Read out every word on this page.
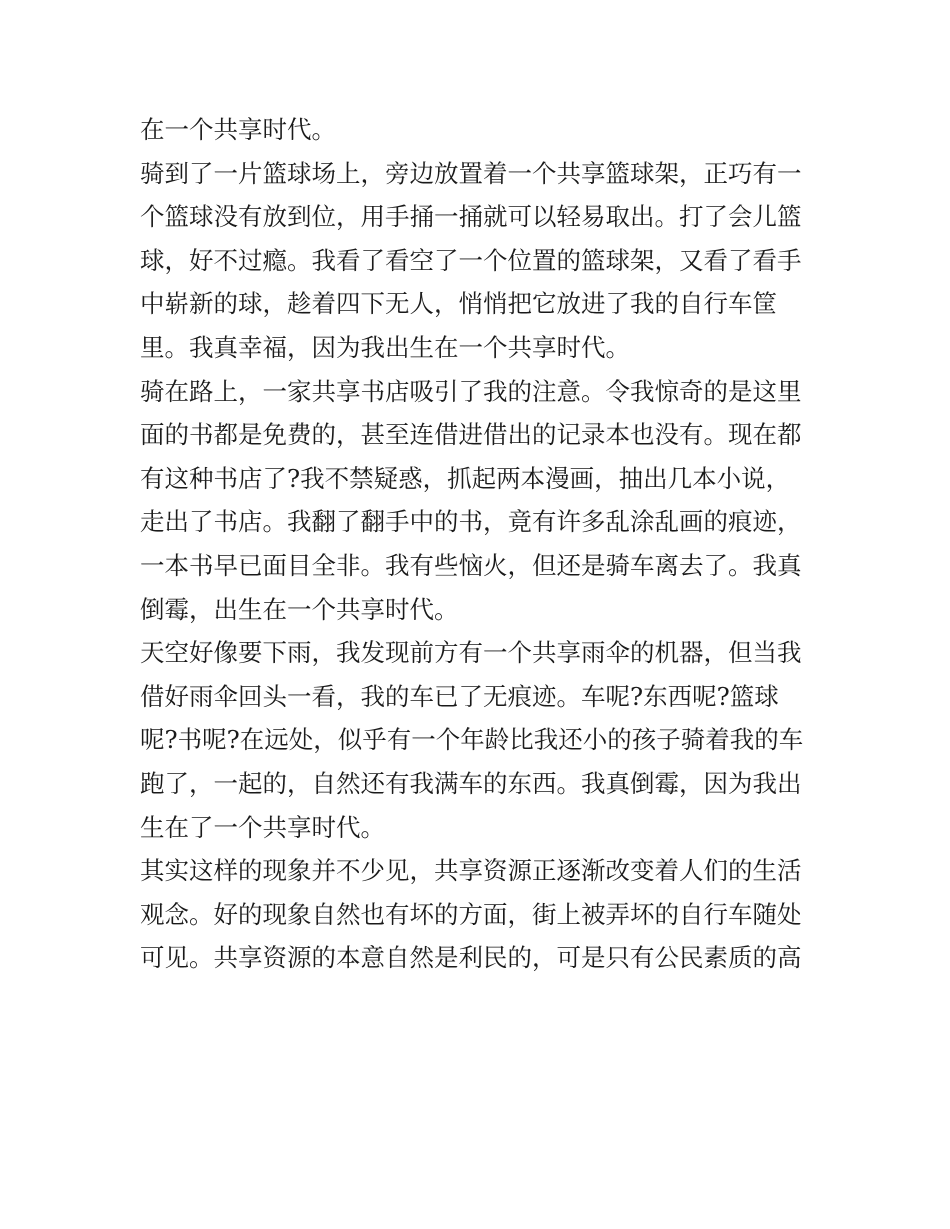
在一个共享时代。
骑到了一片篮球场上，旁边放置着一个共享篮球架，正巧有一
个篮球没有放到位，用手捅一捅就可以轻易取出。打了会儿篮
球，好不过瘾。我看了看空了一个位置的篮球架，又看了看手
中崭新的球，趁着四下无人，悄悄把它放进了我的自行车筐
里。我真幸福，因为我出生在一个共享时代。
骑在路上，一家共享书店吸引了我的注意。令我惊奇的是这里
面的书都是免费的，甚至连借进借出的记录本也没有。现在都
有这种书店了?我不禁疑惑，抓起两本漫画，抽出几本小说，
走出了书店。我翻了翻手中的书，竟有许多乱涂乱画的痕迹，
一本书早已面目全非。我有些恼火，但还是骑车离去了。我真
倒霉，出生在一个共享时代。
天空好像要下雨，我发现前方有一个共享雨伞的机器，但当我
借好雨伞回头一看，我的车已了无痕迹。车呢?东西呢?篮球
呢?书呢?在远处，似乎有一个年龄比我还小的孩子骑着我的车
跑了，一起的，自然还有我满车的东西。我真倒霉，因为我出
生在了一个共享时代。
其实这样的现象并不少见，共享资源正逐渐改变着人们的生活
观念。好的现象自然也有坏的方面，街上被弄坏的自行车随处
可见。共享资源的本意自然是利民的，可是只有公民素质的高
